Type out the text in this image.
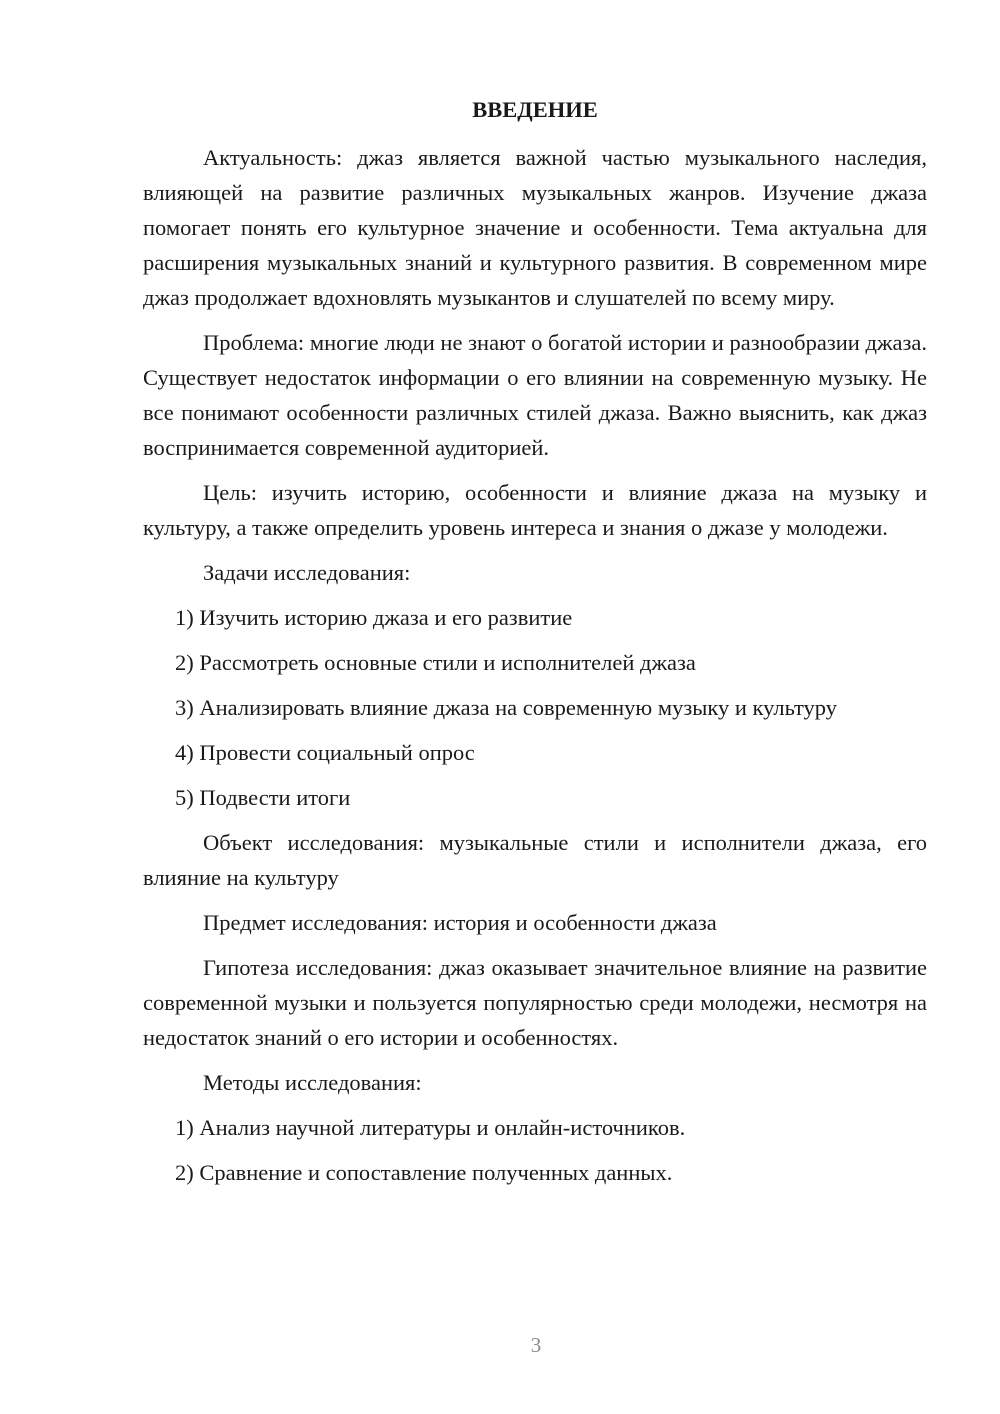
ВВЕДЕНИЕ

Актуальность: джаз является важной частью музыкального наследия, влияющей на развитие различных музыкальных жанров. Изучение джаза помогает понять его культурное значение и особенности. Тема актуальна для расширения музыкальных знаний и культурного развития. В современном мире джаз продолжает вдохновлять музыкантов и слушателей по всему миру.

Проблема: многие люди не знают о богатой истории и разнообразии джаза. Существует недостаток информации о его влиянии на современную музыку. Не все понимают особенности различных стилей джаза. Важно выяснить, как джаз воспринимается современной аудиторией.

Цель: изучить историю, особенности и влияние джаза на музыку и культуру, а также определить уровень интереса и знания о джазе у молодежи.

Задачи исследования:

1) Изучить историю джаза и его развитие

2) Рассмотреть основные стили и исполнителей джаза

3) Анализировать влияние джаза на современную музыку и культуру

4) Провести социальный опрос

5) Подвести итоги

Объект исследования: музыкальные стили и исполнители джаза, его влияние на культуру

Предмет исследования: история и особенности джаза

Гипотеза исследования: джаз оказывает значительное влияние на развитие современной музыки и пользуется популярностью среди молодежи, несмотря на недостаток знаний о его истории и особенностях.

Методы исследования:

1) Анализ научной литературы и онлайн-источников.

2) Сравнение и сопоставление полученных данных.

3
